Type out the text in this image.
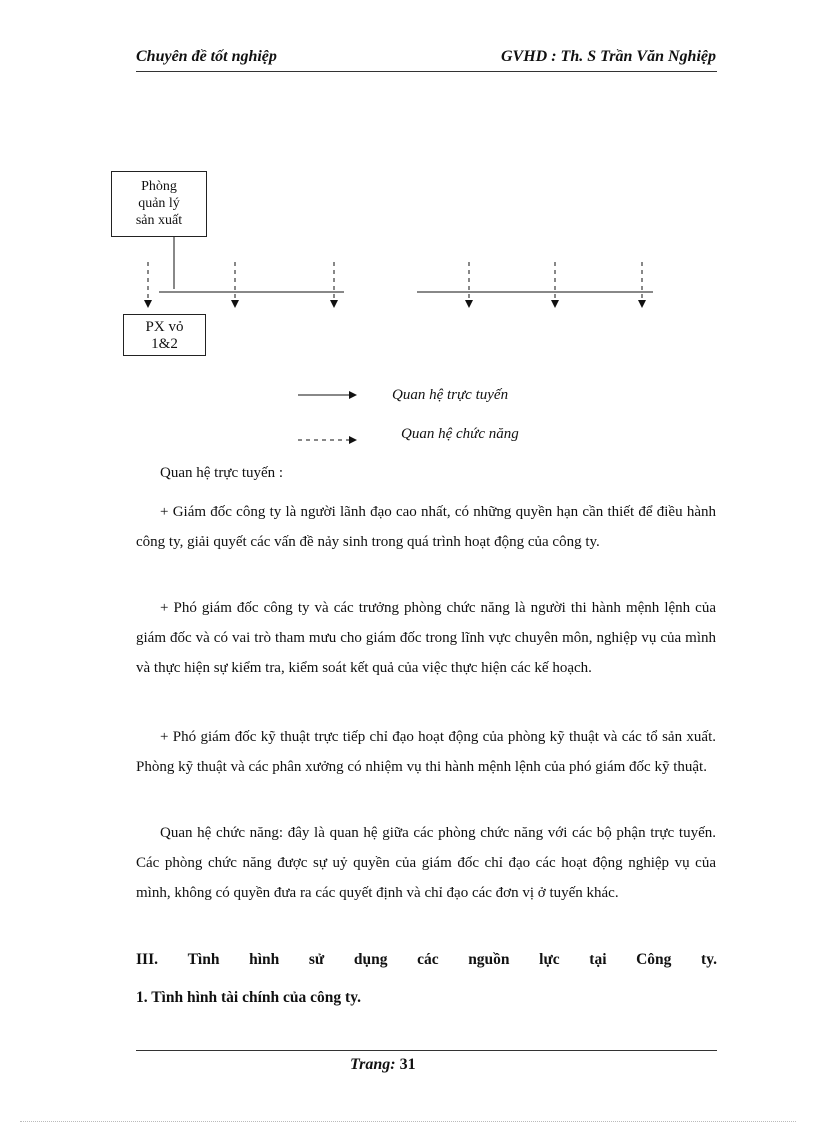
Chuyên đề tốt nghiệp	GVHD : Th. S Trần Văn Nghiệp
Phòng
quản lý
sản xuất
PX vỏ
1&2
Quan hệ trực tuyến
Quan hệ chức năng
Quan hệ trực tuyến :
+ Giám đốc công ty là người lãnh đạo cao nhất, có những quyền hạn cần thiết để điều hành công ty, giải quyết các vấn đề nảy sinh trong quá trình hoạt động của công ty.
+ Phó giám đốc công ty và các trưởng phòng chức năng là người thi hành mệnh lệnh của giám đốc và có vai trò tham mưu cho giám đốc trong lĩnh vực chuyên môn, nghiệp vụ của mình và thực hiện sự kiểm tra, kiểm soát kết quả của việc thực hiện các kế hoạch.
+ Phó giám đốc kỹ thuật trực tiếp chỉ đạo hoạt động của phòng kỹ thuật và các tổ sản xuất. Phòng kỹ thuật và các phân xưởng có nhiệm vụ thi hành mệnh lệnh của phó giám đốc kỹ thuật.
Quan hệ chức năng: đây là quan hệ giữa các phòng chức năng với các bộ phận trực tuyến. Các phòng chức năng được sự uỷ quyền của giám đốc chỉ đạo các hoạt động nghiệp vụ của mình, không có quyền đưa ra các quyết định và chỉ đạo các đơn vị ở tuyến khác.
III. Tình hình sử dụng các nguồn lực tại Công ty.
1. Tình hình tài chính của công ty.
Trang: 31
